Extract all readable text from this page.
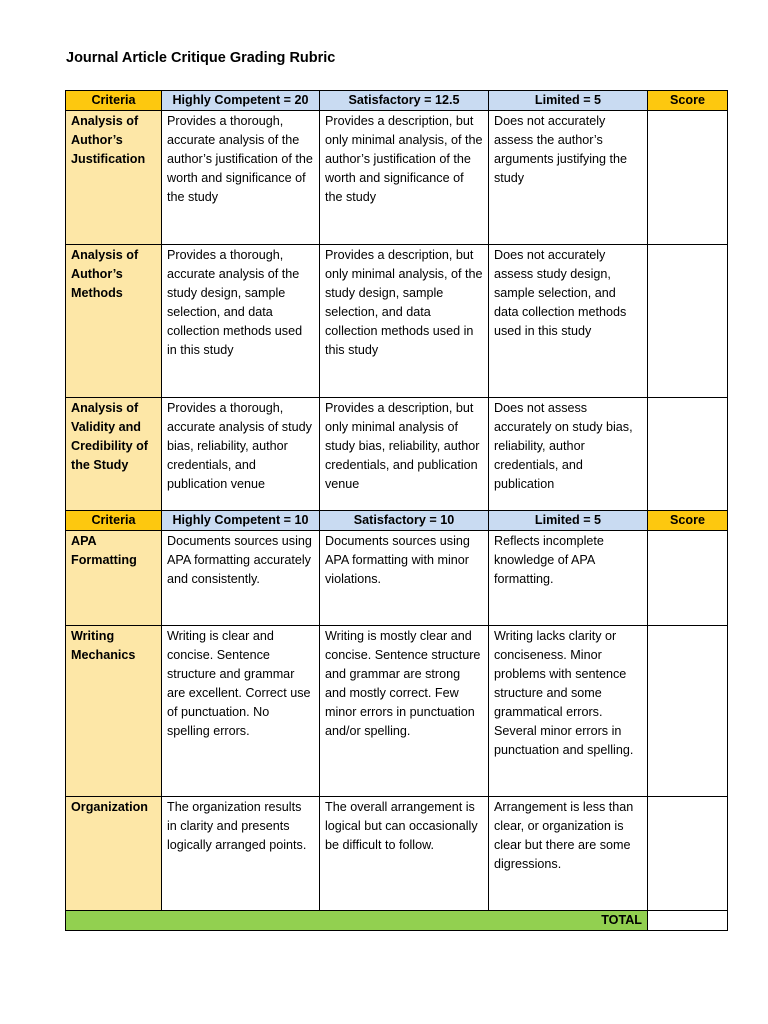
Journal Article Critique Grading Rubric
Criteria	Highly Competent = 20	Satisfactory = 12.5	Limited = 5	Score
Analysis of Author’s Justification	Provides a thorough, accurate analysis of the author’s justification of the worth and significance of the study	Provides a description, but only minimal analysis, of the author’s justification of the worth and significance of the study	Does not accurately assess the author’s arguments justifying the study	
Analysis of Author’s Methods	Provides a thorough, accurate analysis of the study design, sample selection, and data collection methods used in this study	Provides a description, but only minimal analysis, of the study design, sample selection, and data collection methods used in this study	Does not accurately assess study design, sample selection, and data collection methods used in this study	
Analysis of Validity and Credibility of the Study	Provides a thorough, accurate analysis of study bias, reliability, author credentials, and publication venue	Provides a description, but only minimal analysis of study bias, reliability, author credentials, and publication venue	Does not assess accurately on study bias, reliability, author credentials, and publication	
Criteria	Highly Competent = 10	Satisfactory = 10	Limited = 5	Score
APA Formatting	Documents sources using APA formatting accurately and consistently.	Documents sources using APA formatting with minor violations.	Reflects incomplete knowledge of APA formatting.	
Writing Mechanics	Writing is clear and concise. Sentence structure and grammar are excellent. Correct use of punctuation. No spelling errors.	Writing is mostly clear and concise. Sentence structure and grammar are strong and mostly correct. Few minor errors in punctuation and/or spelling.	Writing lacks clarity or conciseness. Minor problems with sentence structure and some grammatical errors. Several minor errors in punctuation and spelling.	
Organization	The organization results in clarity and presents logically arranged points.	The overall arrangement is logical but can occasionally be difficult to follow.	Arrangement is less than clear, or organization is clear but there are some digressions.	
TOTAL				
